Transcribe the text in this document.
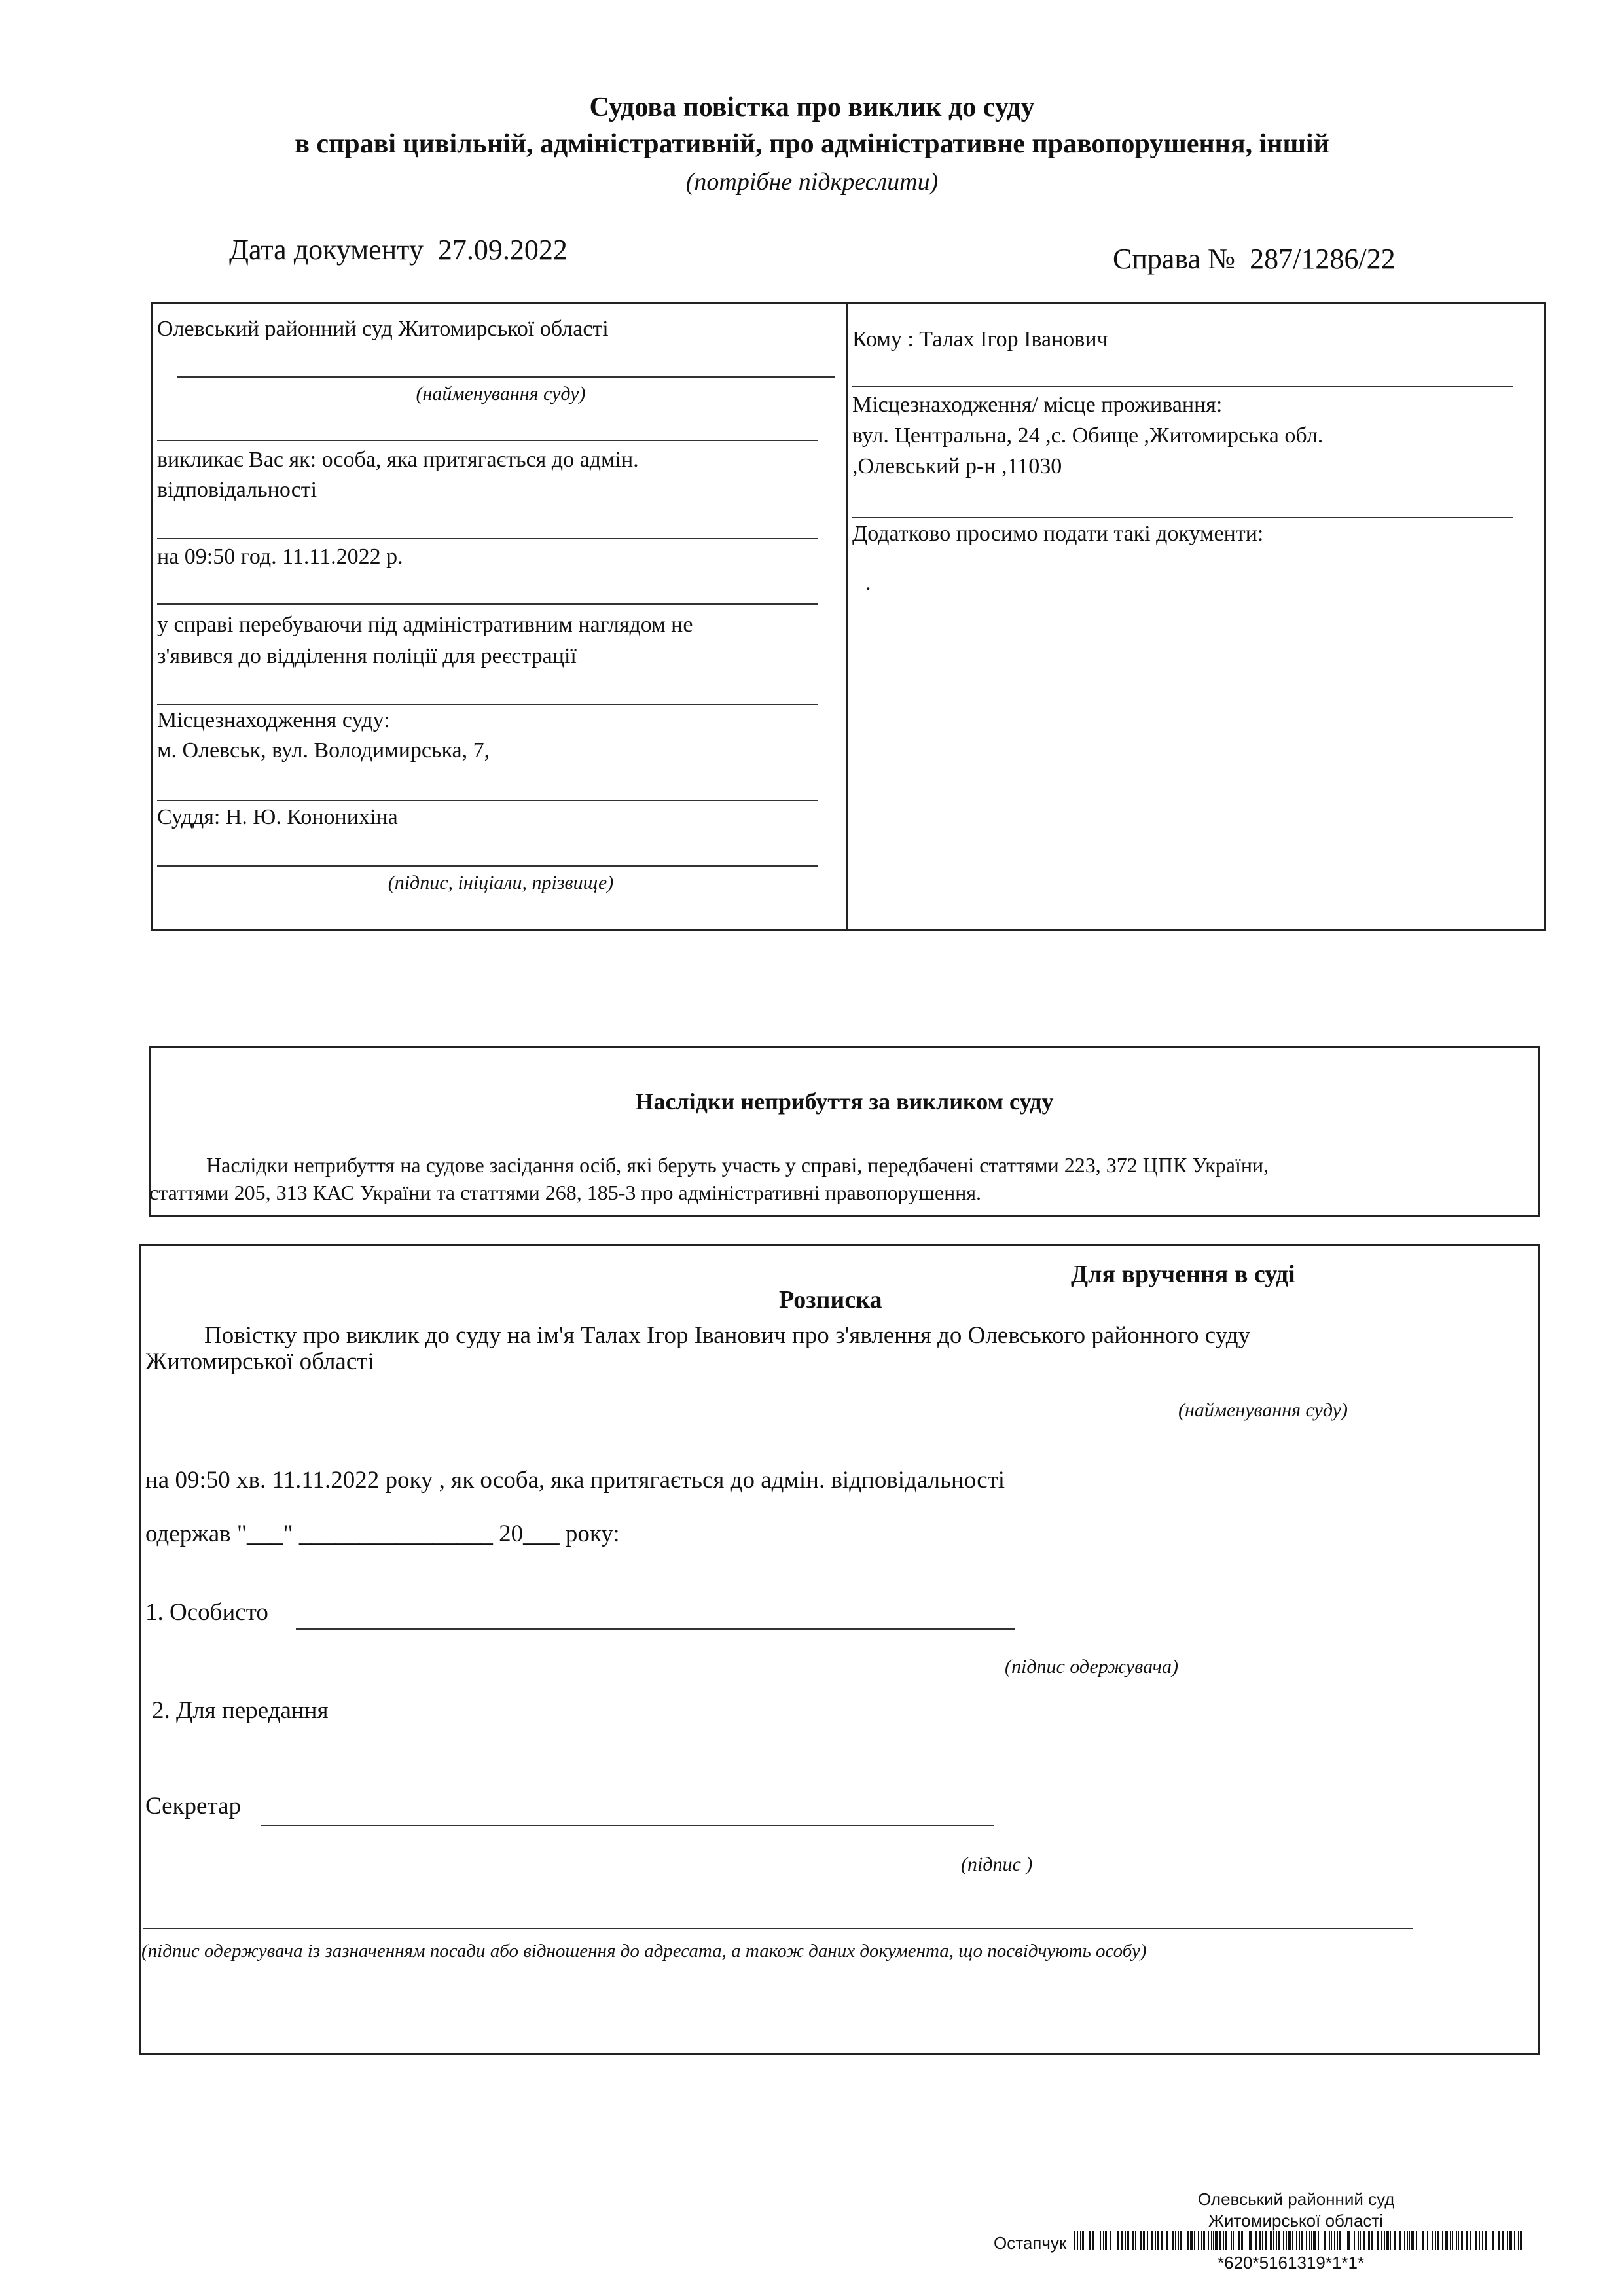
Судова повістка про виклик до суду
в справі цивільній, адміністративній, про адміністративне правопорушення, іншій
(потрібне підкреслити)
Дата документу 27.09.2022	Справа № 287/1286/22
Олевський районний суд Житомирської області
(найменування суду)
викликає Вас як: особа, яка притягається до адмін.
відповідальності
на 09:50 год. 11.11.2022 р.
у справі перебуваючи під адміністративним наглядом не
з'явився до відділення поліції для реєстрації
Місцезнаходження суду:
м. Олевськ, вул. Володимирська, 7,
Суддя: Н. Ю. Кононихіна
(підпис, ініціали, прізвище)
Кому : Талах Ігор Іванович
Місцезнаходження/ місце проживання:
вул. Центральна, 24 ,с. Обище ,Житомирська обл.
,Олевський р-н ,11030
Додатково просимо подати такі документи:
.
Наслідки неприбуття за викликом суду
Наслідки неприбуття на судове засідання осіб, які беруть участь у справі, передбачені статтями 223, 372 ЦПК України,
статтями 205, 313 КАС України та статтями 268, 185-3 про адміністративні правопорушення.
Для вручення в суді
Розписка
Повістку про виклик до суду на ім'я Талах Ігор Іванович про з'явлення до Олевського районного суду
Житомирської області
(найменування суду)
на 09:50 хв. 11.11.2022 року , як особа, яка притягається до адмін. відповідальності
одержав "___" ________________ 20___ року:
1. Особисто
(підпис одержувача)
2. Для передання
Секретар
(підпис )
(підпис одержувача із зазначенням посади або відношення до адресата, а також даних документа, що посвідчують особу)
Олевський районний суд
Житомирської області
Остапчук
*620*5161319*1*1*
